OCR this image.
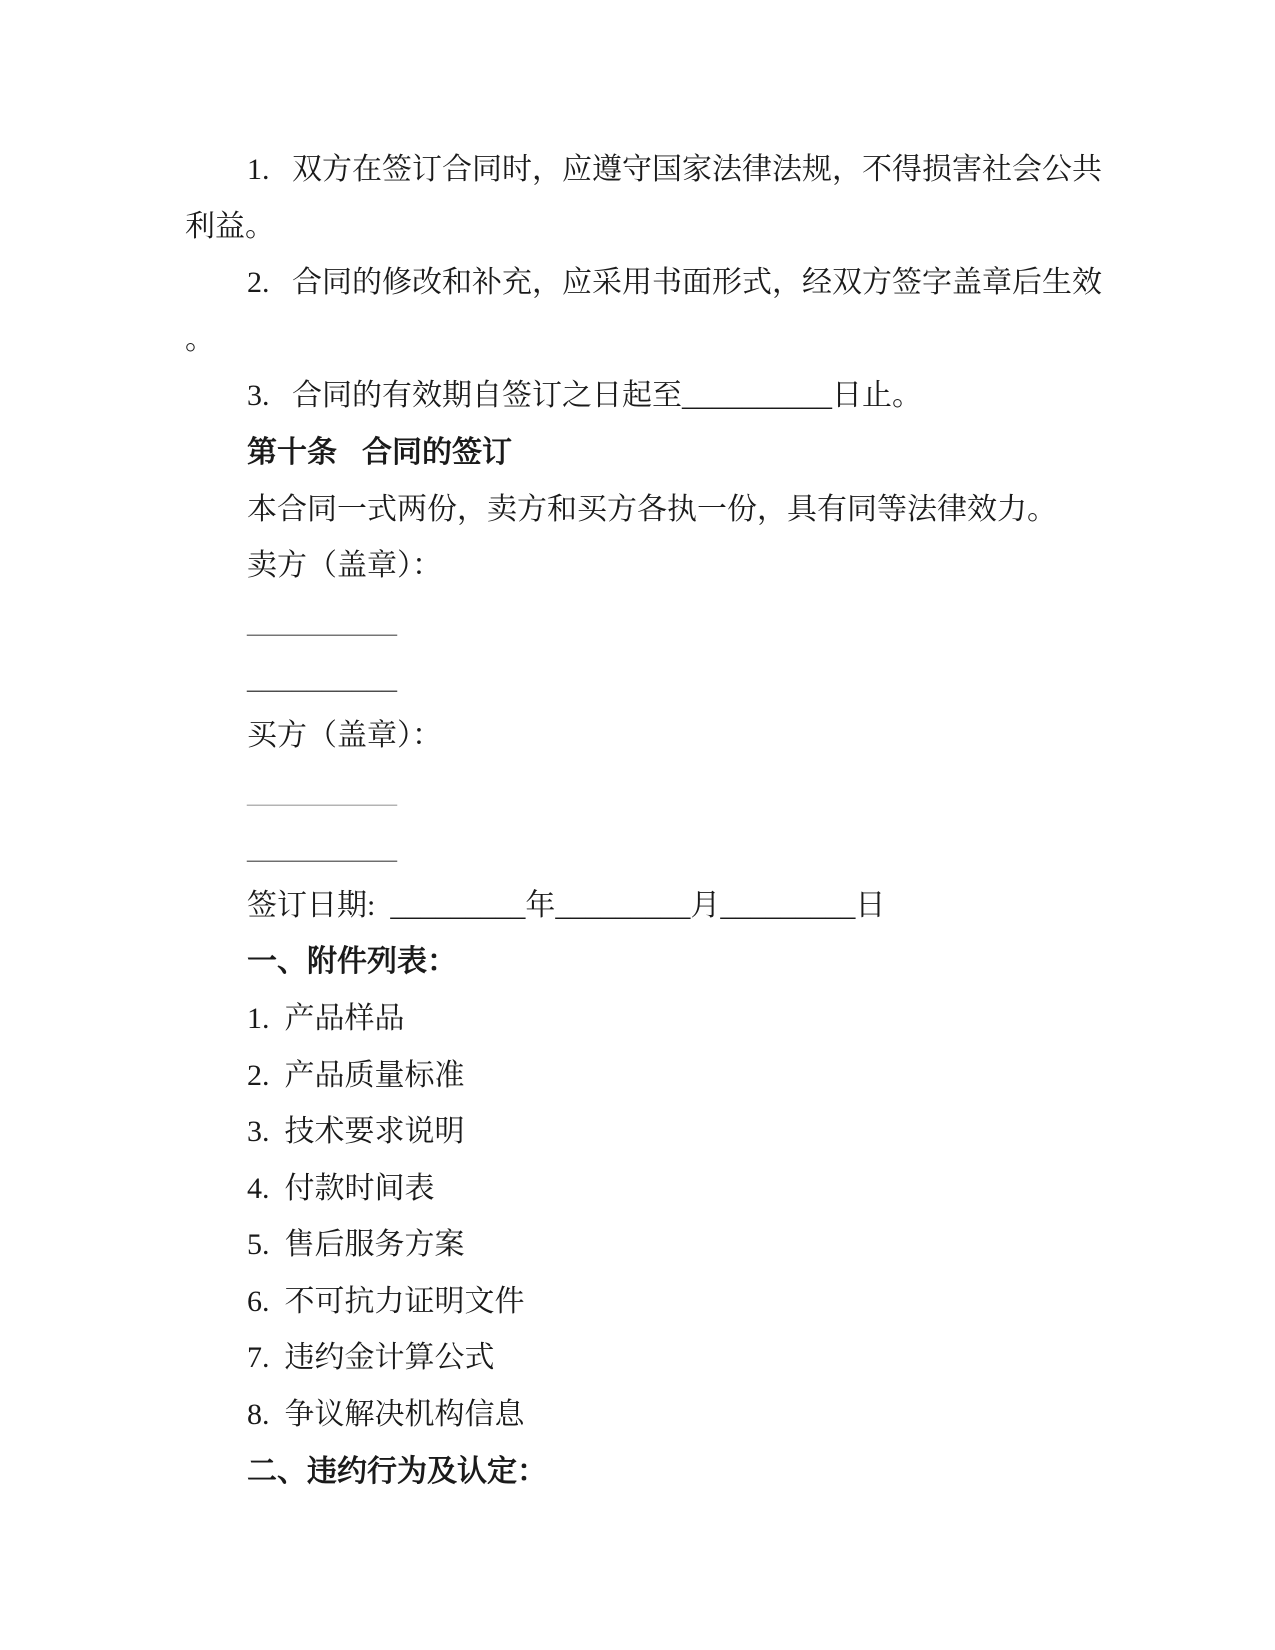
1.   双方在签订合同时，应遵守国家法律法规，不得损害社会公共
利益。
2.   合同的修改和补充，应采用书面形式，经双方签字盖章后生效
。
3.   合同的有效期自签订之日起至__________日止。
第十条   合同的签订
本合同一式两份，卖方和买方各执一份，具有同等法律效力。
卖方（盖章）：
__________
__________
买方（盖章）：
__________
__________
签订日期:  _________年_________月_________日
一、附件列表：
1.  产品样品
2.  产品质量标准
3.  技术要求说明
4.  付款时间表
5.  售后服务方案
6.  不可抗力证明文件
7.  违约金计算公式
8.  争议解决机构信息
二、违约行为及认定：
